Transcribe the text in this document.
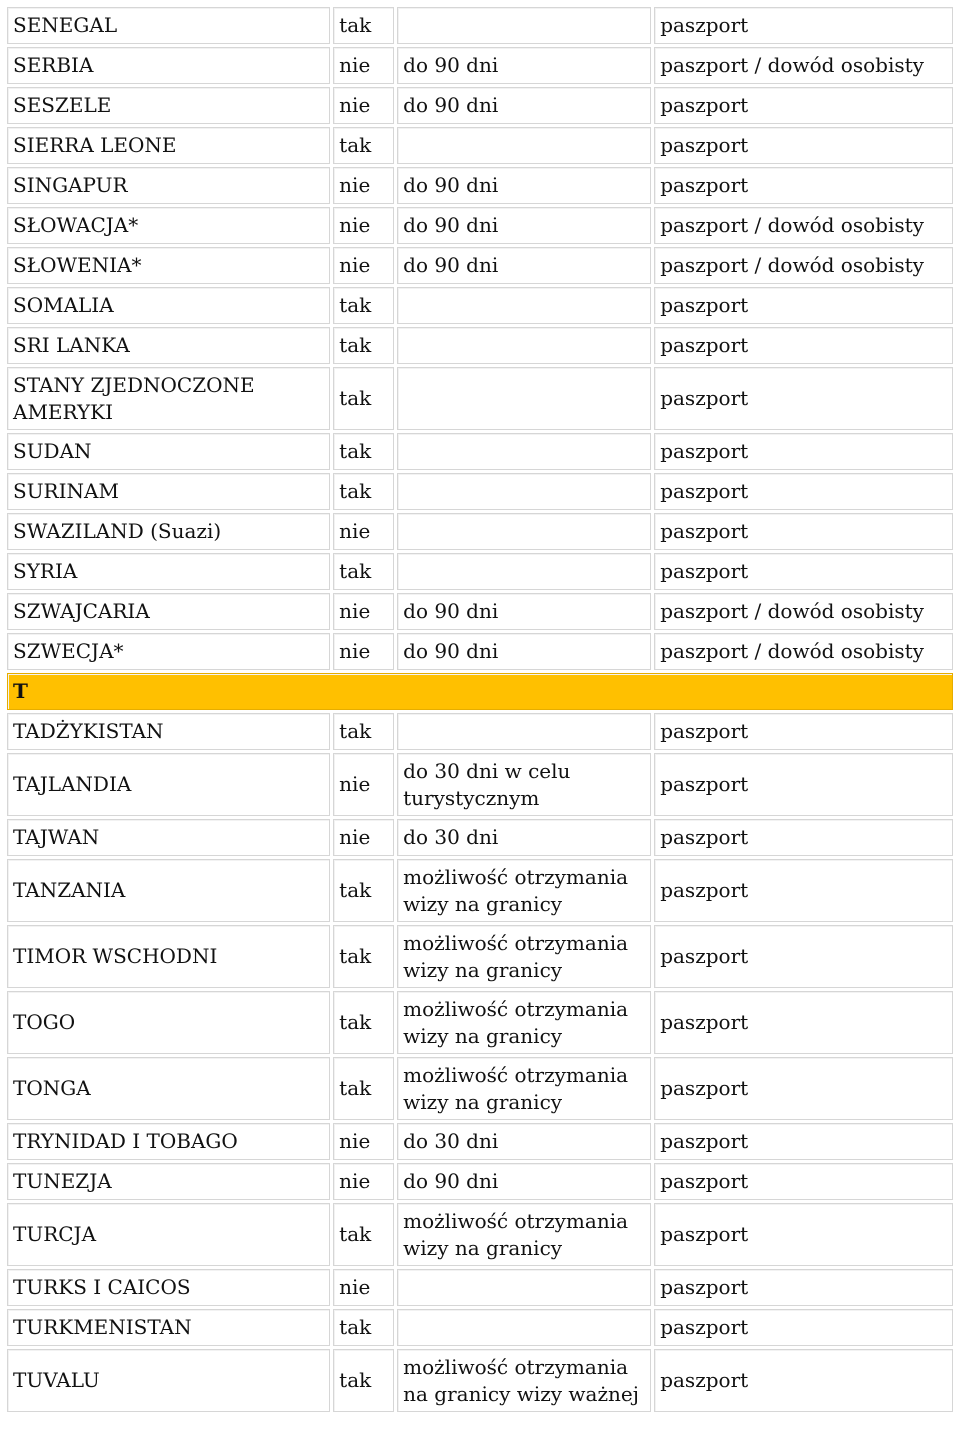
SENEGAL	tak		paszport
SERBIA	nie	do 90 dni	paszport / dowód osobisty
SESZELE	nie	do 90 dni	paszport
SIERRA LEONE	tak		paszport
SINGAPUR	nie	do 90 dni	paszport
SŁOWACJA*	nie	do 90 dni	paszport / dowód osobisty
SŁOWENIA*	nie	do 90 dni	paszport / dowód osobisty
SOMALIA	tak		paszport
SRI LANKA	tak		paszport
STANY ZJEDNOCZONE AMERYKI	tak		paszport
SUDAN	tak		paszport
SURINAM	tak		paszport
SWAZILAND (Suazi)	nie		paszport
SYRIA	tak		paszport
SZWAJCARIA	nie	do 90 dni	paszport / dowód osobisty
SZWECJA*	nie	do 90 dni	paszport / dowód osobisty
T			
TADŻYKISTAN	tak		paszport
TAJLANDIA	nie	do 30 dni w celu turystycznym	paszport
TAJWAN	nie	do 30 dni	paszport
TANZANIA	tak	możliwość otrzymania wizy na granicy	paszport
TIMOR WSCHODNI	tak	możliwość otrzymania wizy na granicy	paszport
TOGO	tak	możliwość otrzymania wizy na granicy	paszport
TONGA	tak	możliwość otrzymania wizy na granicy	paszport
TRYNIDAD I TOBAGO	nie	do 30 dni	paszport
TUNEZJA	nie	do 90 dni	paszport
TURCJA	tak	możliwość otrzymania wizy na granicy	paszport
TURKS I CAICOS	nie		paszport
TURKMENISTAN	tak		paszport
TUVALU	tak	możliwość otrzymania na granicy wizy ważnej	paszport
